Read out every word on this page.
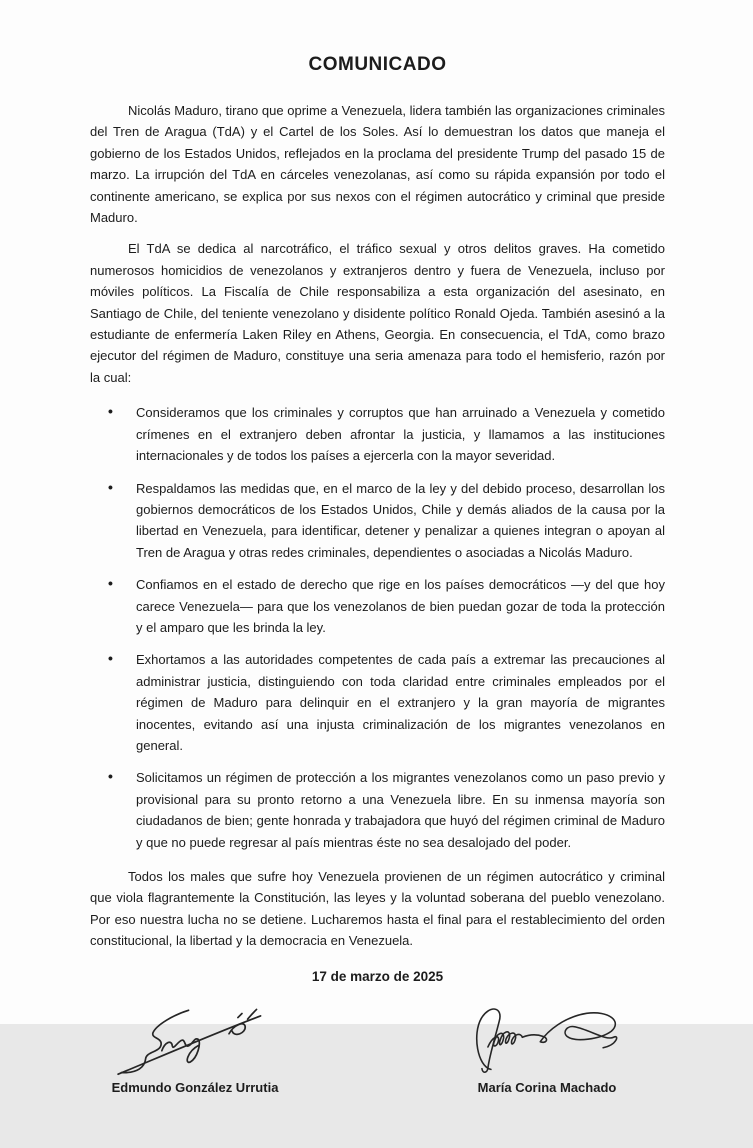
COMUNICADO

Nicolás Maduro, tirano que oprime a Venezuela, lidera también las organizaciones criminales del Tren de Aragua (TdA) y el Cartel de los Soles. Así lo demuestran los datos que maneja el gobierno de los Estados Unidos, reflejados en la proclama del presidente Trump del pasado 15 de marzo. La irrupción del TdA en cárceles venezolanas, así como su rápida expansión por todo el continente americano, se explica por sus nexos con el régimen autocrático y criminal que preside Maduro.

El TdA se dedica al narcotráfico, el tráfico sexual y otros delitos graves. Ha cometido numerosos homicidios de venezolanos y extranjeros dentro y fuera de Venezuela, incluso por móviles políticos. La Fiscalía de Chile responsabiliza a esta organización del asesinato, en Santiago de Chile, del teniente venezolano y disidente político Ronald Ojeda. También asesinó a la estudiante de enfermería Laken Riley en Athens, Georgia. En consecuencia, el TdA, como brazo ejecutor del régimen de Maduro, constituye una seria amenaza para todo el hemisferio, razón por la cual:

• Consideramos que los criminales y corruptos que han arruinado a Venezuela y cometido crímenes en el extranjero deben afrontar la justicia, y llamamos a las instituciones internacionales y de todos los países a ejercerla con la mayor severidad.
• Respaldamos las medidas que, en el marco de la ley y del debido proceso, desarrollan los gobiernos democráticos de los Estados Unidos, Chile y demás aliados de la causa por la libertad en Venezuela, para identificar, detener y penalizar a quienes integran o apoyan al Tren de Aragua y otras redes criminales, dependientes o asociadas a Nicolás Maduro.
• Confiamos en el estado de derecho que rige en los países democráticos —y del que hoy carece Venezuela— para que los venezolanos de bien puedan gozar de toda la protección y el amparo que les brinda la ley.
• Exhortamos a las autoridades competentes de cada país a extremar las precauciones al administrar justicia, distinguiendo con toda claridad entre criminales empleados por el régimen de Maduro para delinquir en el extranjero y la gran mayoría de migrantes inocentes, evitando así una injusta criminalización de los migrantes venezolanos en general.
• Solicitamos un régimen de protección a los migrantes venezolanos como un paso previo y provisional para su pronto retorno a una Venezuela libre. En su inmensa mayoría son ciudadanos de bien; gente honrada y trabajadora que huyó del régimen criminal de Maduro y que no puede regresar al país mientras éste no sea desalojado del poder.

Todos los males que sufre hoy Venezuela provienen de un régimen autocrático y criminal que viola flagrantemente la Constitución, las leyes y la voluntad soberana del pueblo venezolano. Por eso nuestra lucha no se detiene. Lucharemos hasta el final para el restablecimiento del orden constitucional, la libertad y la democracia en Venezuela.

17 de marzo de 2025

Edmundo González Urrutia	María Corina Machado
